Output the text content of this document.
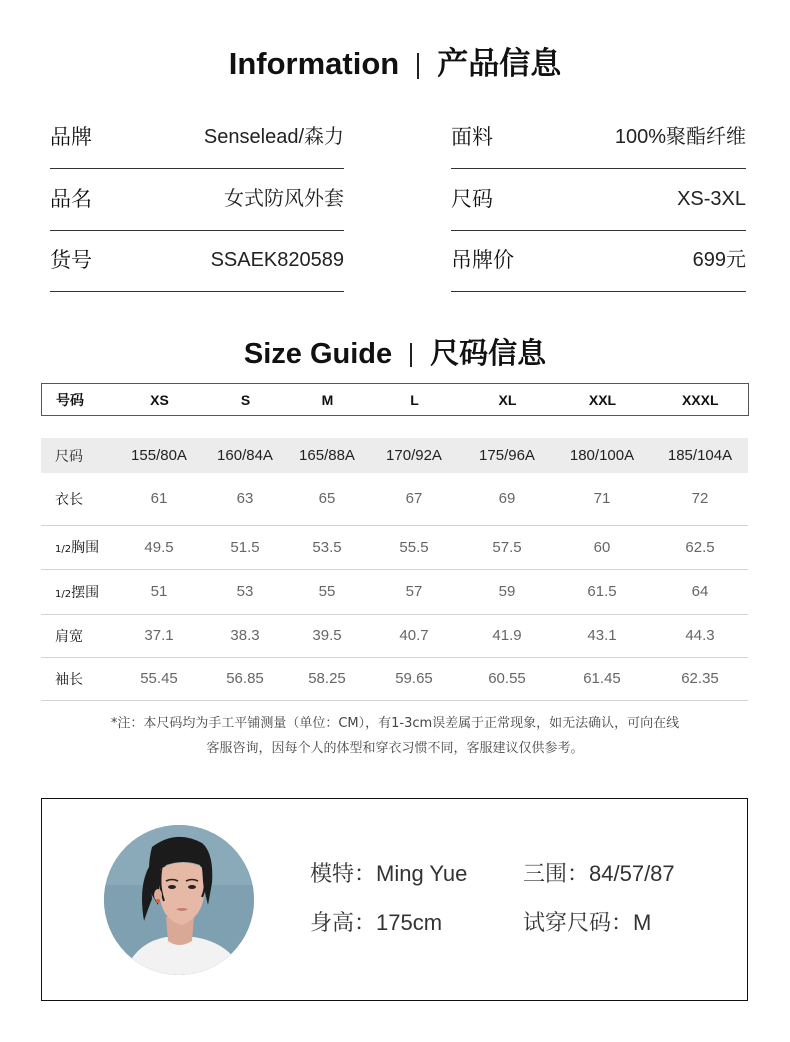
Information 产品信息
品牌	Senselead/森力
品名	女式防风外套
货号	SSAEK820589
面料	100%聚酯纤维
尺码	XS-3XL
吊牌价	699元
Size Guide 尺码信息
号码	XS	S	M	L	XL	XXL	XXXL
尺码	155/80A	160/84A	165/88A	170/92A	175/96A	180/100A	185/104A
衣长	61	63	65	67	69	71	72
1/2胸围	49.5	51.5	53.5	55.5	57.5	60	62.5
1/2摆围	51	53	55	57	59	61.5	64
肩宽	37.1	38.3	39.5	40.7	41.9	43.1	44.3
袖长	55.45	56.85	58.25	59.65	60.55	61.45	62.35
*注：本尺码均为手工平铺测量（单位：CM），有1-3cm误差属于正常现象，如无法确认，可向在线
客服咨询，因每个人的体型和穿衣习惯不同，客服建议仅供参考。
模特：Ming Yue	三围：84/57/87
身高：175cm	试穿尺码：M
